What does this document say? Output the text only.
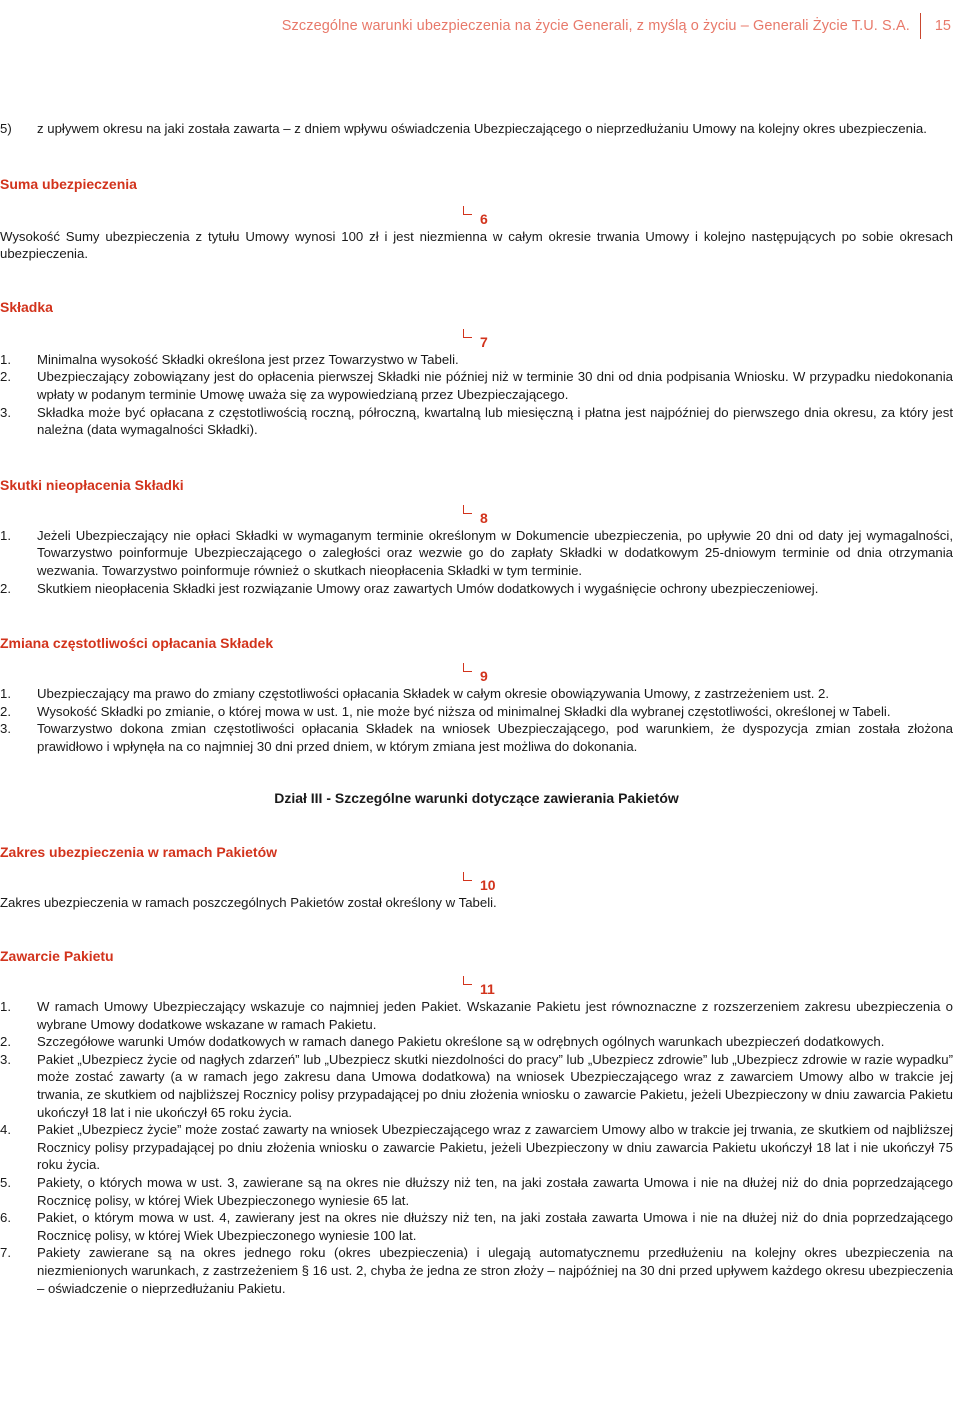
Szczególne warunki ubezpieczenia na życie Generali, z myślą o życiu – Generali Życie T.U. S.A. 15
5)	z upływem okresu na jaki została zawarta – z dniem wpływu oświadczenia Ubezpieczającego o nieprzedłużaniu Umowy na kolejny okres ubezpieczenia.
Suma ubezpieczenia
6

Wysokość Sumy ubezpieczenia z tytułu Umowy wynosi 100 zł i jest niezmienna w całym okresie trwania Umowy i kolejno następujących po sobie okresach ubezpieczenia.

Składka
7
1.	Minimalna wysokość Składki określona jest przez Towarzystwo w Tabeli.
2.	Ubezpieczający zobowiązany jest do opłacenia pierwszej Składki nie później niż w terminie 30 dni od dnia podpisania Wniosku. W przypadku niedokonania wpłaty w podanym terminie Umowę uważa się za wypowiedzianą przez Ubezpieczającego.
3.	Składka może być opłacana z częstotliwością roczną, półroczną, kwartalną lub miesięczną i płatna jest najpóźniej do pierwszego dnia okresu, za który jest należna (data wymagalności Składki).
Skutki nieopłacenia Składki
8
1.	Jeżeli Ubezpieczający nie opłaci Składki w wymaganym terminie określonym w Dokumencie ubezpieczenia, po upływie 20 dni od daty jej wymagalności, Towarzystwo poinformuje Ubezpieczającego o zaległości oraz wezwie go do zapłaty Składki w dodatkowym 25-dniowym terminie od dnia otrzymania wezwania. Towarzystwo poinformuje również o skutkach nieopłacenia Składki w tym terminie.
2.	Skutkiem nieopłacenia Składki jest rozwiązanie Umowy oraz zawartych Umów dodatkowych i wygaśnięcie ochrony ubezpieczeniowej.
Zmiana częstotliwości opłacania Składek
9
1.	Ubezpieczający ma prawo do zmiany częstotliwości opłacania Składek w całym okresie obowiązywania Umowy, z zastrzeżeniem ust. 2.
2.	Wysokość Składki po zmianie, o której mowa w ust. 1, nie może być niższa od minimalnej Składki dla wybranej częstotliwości, określonej w Tabeli.
3.	Towarzystwo dokona zmian częstotliwości opłacania Składek na wniosek Ubezpieczającego, pod warunkiem, że dyspozycja zmian została złożona prawidłowo i wpłynęła na co najmniej 30 dni przed dniem, w którym zmiana jest możliwa do dokonania.
Dział III - Szczególne warunki dotyczące zawierania Pakietów
Zakres ubezpieczenia w ramach Pakietów
10

Zakres ubezpieczenia w ramach poszczególnych Pakietów został określony w Tabeli.

Zawarcie Pakietu
11
1.	W ramach Umowy Ubezpieczający wskazuje co najmniej jeden Pakiet. Wskazanie Pakietu jest równoznaczne z rozszerzeniem zakresu ubezpieczenia o wybrane Umowy dodatkowe wskazane w ramach Pakietu.
2.	Szczegółowe warunki Umów dodatkowych w ramach danego Pakietu określone są w odrębnych ogólnych warunkach ubezpieczeń dodatkowych.
3.	Pakiet „Ubezpiecz życie od nagłych zdarzeń” lub „Ubezpiecz skutki niezdolności do pracy” lub „Ubezpiecz zdrowie” lub „Ubezpiecz zdrowie w razie wypadku” może zostać zawarty (a w ramach jego zakresu dana Umowa dodatkowa) na wniosek Ubezpieczającego wraz z zawarciem Umowy albo w trakcie jej trwania, ze skutkiem od najbliższej Rocznicy polisy przypadającej po dniu złożenia wniosku o zawarcie Pakietu, jeżeli Ubezpieczony w dniu zawarcia Pakietu ukończył 18 lat i nie ukończył 65 roku życia.
4.	Pakiet „Ubezpiecz życie” może zostać zawarty na wniosek Ubezpieczającego wraz z zawarciem Umowy albo w trakcie jej trwania, ze skutkiem od najbliższej Rocznicy polisy przypadającej po dniu złożenia wniosku o zawarcie Pakietu, jeżeli Ubezpieczony w dniu zawarcia Pakietu ukończył 18 lat i nie ukończył 75 roku życia.
5.	Pakiety, o których mowa w ust. 3, zawierane są na okres nie dłuższy niż ten, na jaki została zawarta Umowa i nie na dłużej niż do dnia poprzedzającego Rocznicę polisy, w której Wiek Ubezpieczonego wyniesie 65 lat.
6.	Pakiet, o którym mowa w ust. 4, zawierany jest na okres nie dłuższy niż ten, na jaki została zawarta Umowa i nie na dłużej niż do dnia poprzedzającego Rocznicę polisy, w której Wiek Ubezpieczonego wyniesie 100 lat.
7.	Pakiety zawierane są na okres jednego roku (okres ubezpieczenia) i ulegają automatycznemu przedłużeniu na kolejny okres ubezpieczenia na niezmienionych warunkach, z zastrzeżeniem § 16 ust. 2, chyba że jedna ze stron złoży – najpóźniej na 30 dni przed upływem każdego okresu ubezpieczenia – oświadczenie o nieprzedłużaniu Pakietu.
